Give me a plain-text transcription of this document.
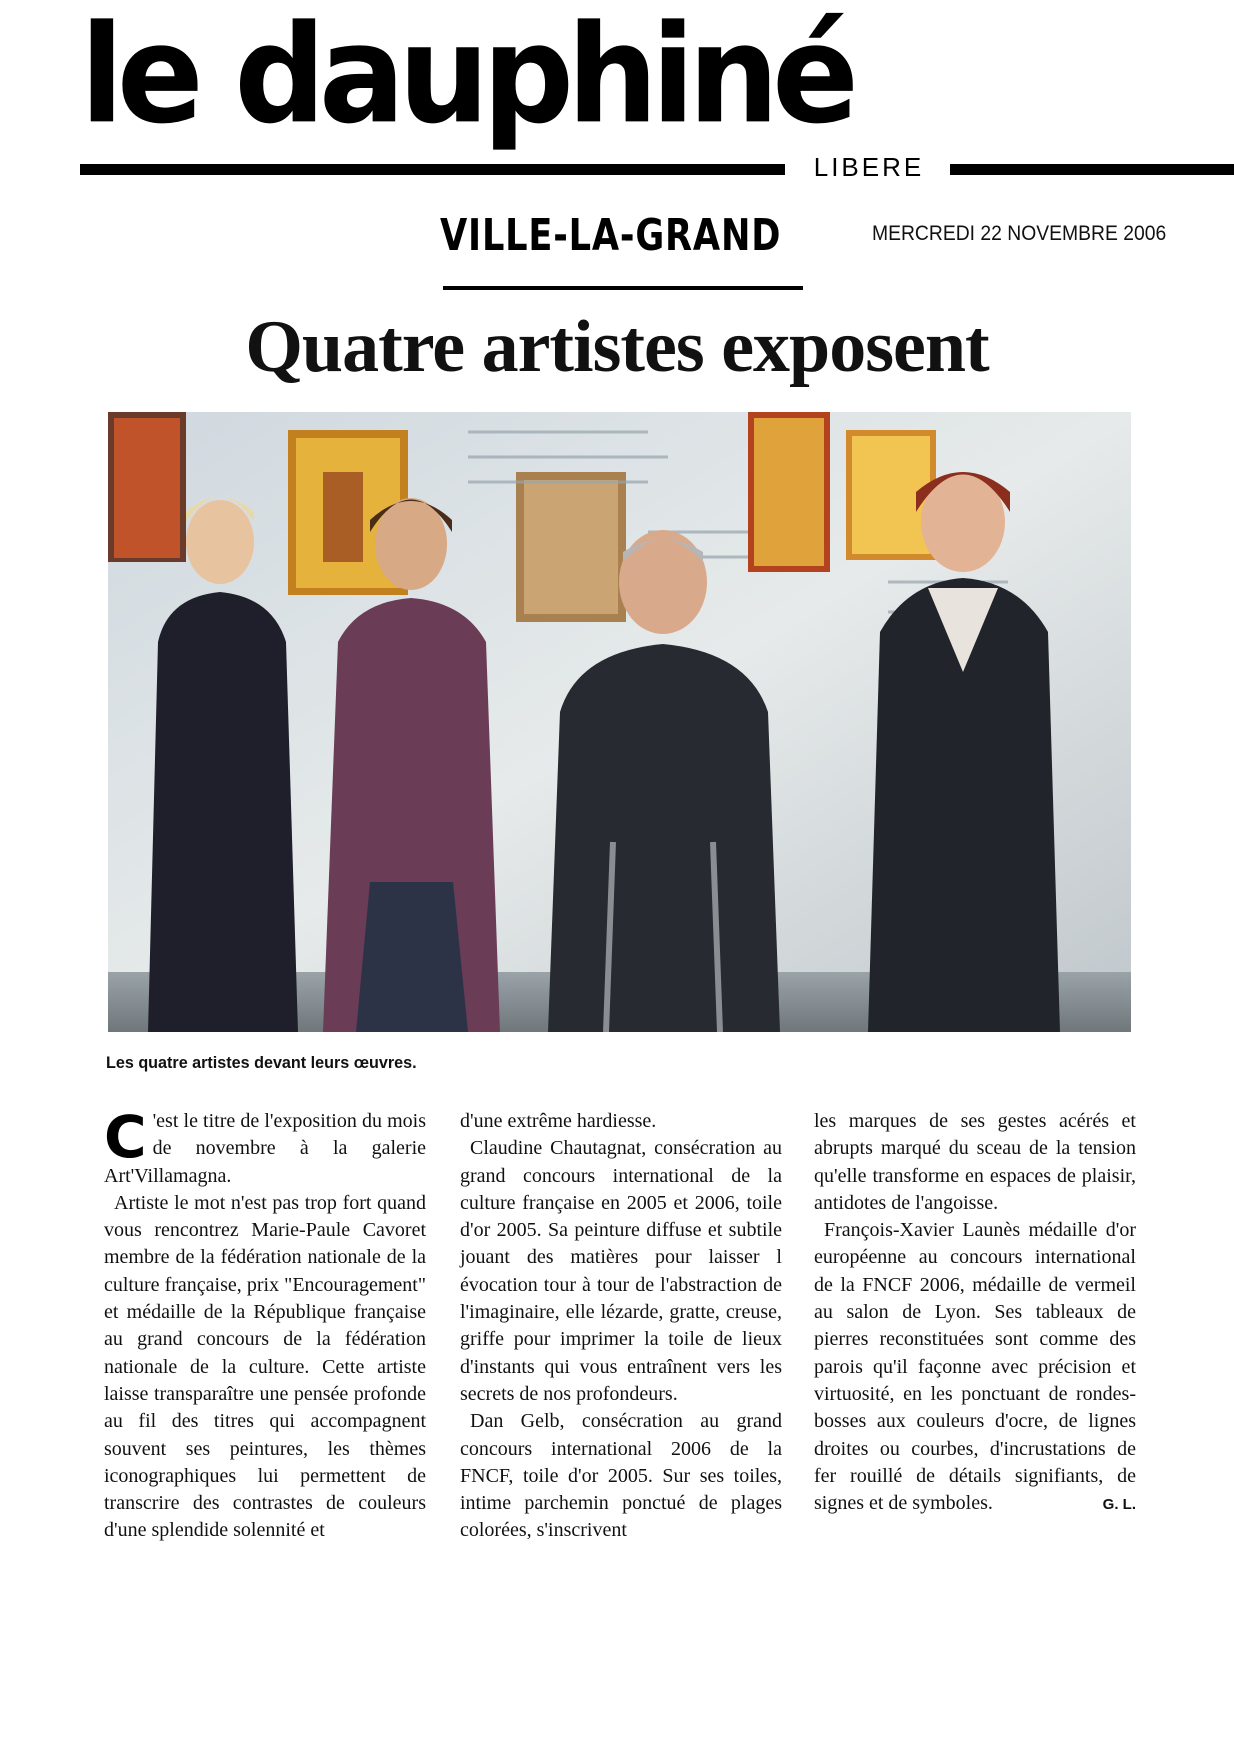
le dauphiné
LIBERE
VILLE-LA-GRAND	MERCREDI 22 NOVEMBRE 2006
Quatre artistes exposent
Les quatre artistes devant leurs œuvres.

C 'est le titre de l'exposition du mois de novembre à la galerie Art'Villamagna.

Artiste le mot n'est pas trop fort quand vous rencontrez Marie-Paule Cavoret membre de la fédération nationale de la culture française, prix "Encouragement" et médaille de la République française au grand concours de la fédération nationale de la culture. Cette artiste laisse transparaître une pensée profonde au fil des titres qui accompagnent souvent ses peintures, les thèmes iconographiques lui permettent de transcrire des contrastes de couleurs d'une splendide solennité et

d'une extrême hardiesse.

Claudine Chautagnat, consécration au grand concours international de la culture française en 2005 et 2006, toile d'or 2005. Sa peinture diffuse et subtile jouant des matières pour laisser l évocation tour à tour de l'abstraction de l'imaginaire, elle lézarde, gratte, creuse, griffe pour imprimer la toile de lieux d'instants qui vous entraînent vers les secrets de nos profondeurs.

Dan Gelb, consécration au grand concours international 2006 de la FNCF, toile d'or 2005. Sur ses toiles, intime parchemin ponctué de plages colorées, s'inscrivent

les marques de ses gestes acérés et abrupts marqué du sceau de la tension qu'elle transforme en espaces de plaisir, antidotes de l'angoisse.

François-Xavier Launès médaille d'or européenne au concours international de la FNCF 2006, médaille de vermeil au salon de Lyon. Ses tableaux de pierres reconstituées sont comme des parois qu'il façonne avec précision et virtuosité, en les ponctuant de rondes-bosses aux couleurs d'ocre, de lignes droites ou courbes, d'incrustations de fer rouillé de détails signifiants, de signes et de symboles.	G. L.
